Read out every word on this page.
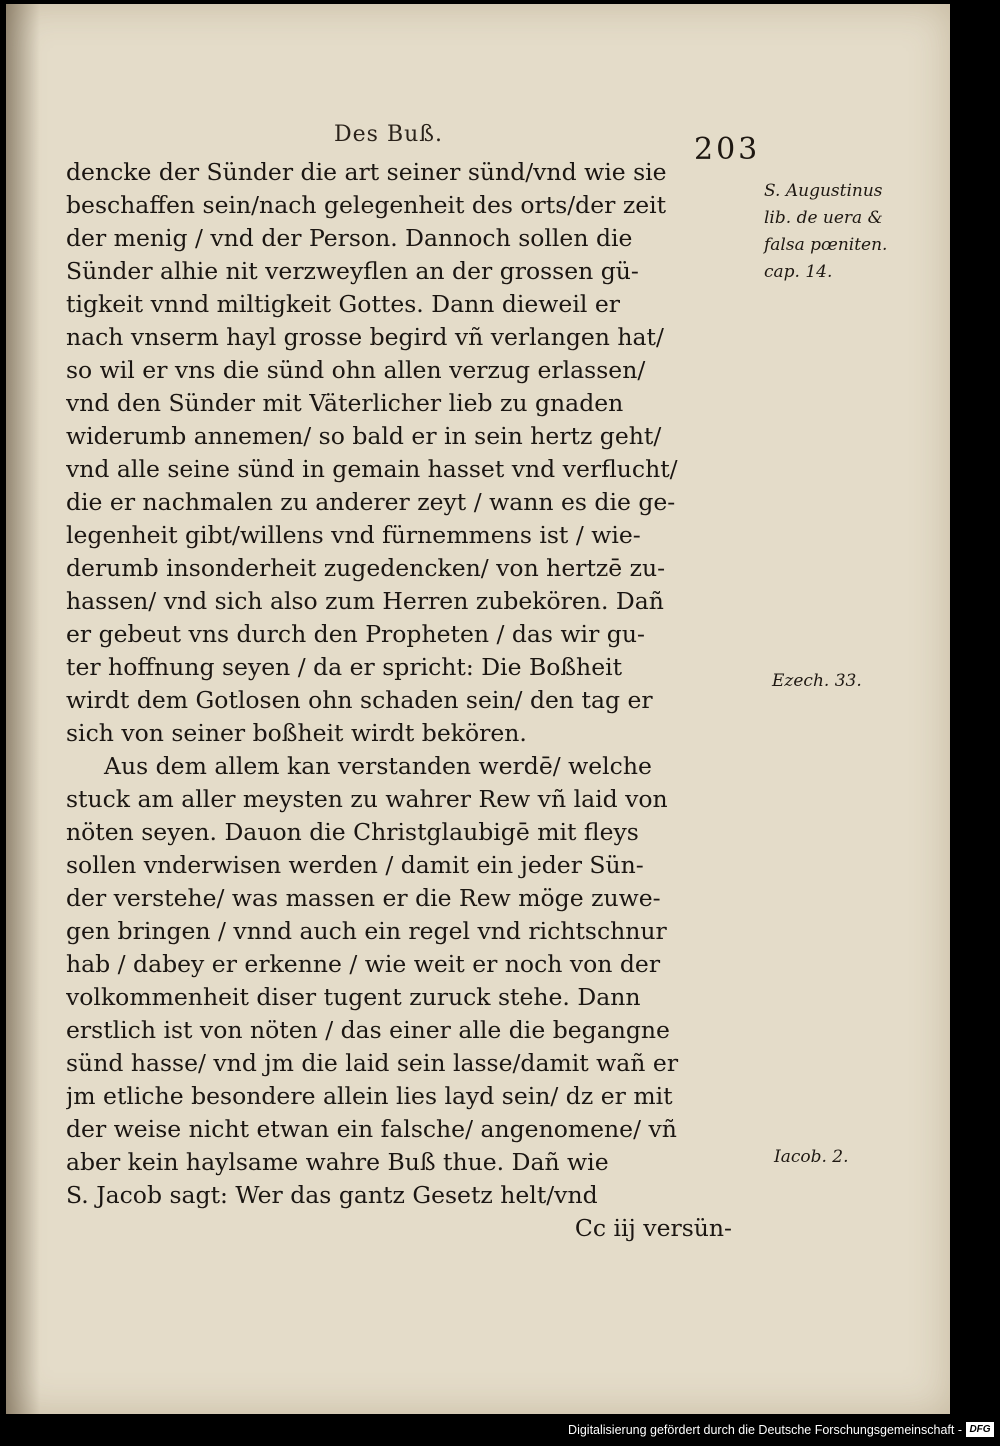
Des Buß.	203
dencke der Sünder die art seiner sünd/vnd wie sie
beschaffen sein/nach gelegenheit des orts/der zeit
der menig / vnd der Person. Dannoch sollen die
Sünder alhie nit verzweyflen an der grossen gü-
tigkeit vnnd miltigkeit Gottes. Dann dieweil er
nach vnserm hayl grosse begird vñ verlangen hat/
so wil er vns die sünd ohn allen verzug erlassen/
vnd den Sünder mit Väterlicher lieb zu gnaden
widerumb annemen/ so bald er in sein hertz geht/
vnd alle seine sünd in gemain hasset vnd verflucht/
die er nachmalen zu anderer zeyt / wann es die ge-
legenheit gibt/willens vnd fürnemmens ist / wie-
derumb insonderheit zugedencken/ von hertzē zu-
hassen/ vnd sich also zum Herren zubekören. Dañ
er gebeut vns durch den Propheten / das wir gu-
ter hoffnung seyen / da er spricht: Die Boßheit
wirdt dem Gotlosen ohn schaden sein/ den tag er
sich von seiner boßheit wirdt bekören.
Aus dem allem kan verstanden werdē/ welche
stuck am aller meysten zu wahrer Rew vñ laid von
nöten seyen. Dauon die Christglaubigē mit fleys
sollen vnderwisen werden / damit ein jeder Sün-
der verstehe/ was massen er die Rew möge zuwe-
gen bringen / vnnd auch ein regel vnd richtschnur
hab / dabey er erkenne / wie weit er noch von der
volkommenheit diser tugent zuruck stehe. Dann
erstlich ist von nöten / das einer alle die begangne
sünd hasse/ vnd jm die laid sein lasse/damit wañ er
jm etliche besondere allein lies layd sein/ dz er mit
der weise nicht etwan ein falsche/ angenomene/ vñ
aber kein haylsame wahre Buß thue. Dañ wie
S. Jacob sagt: Wer das gantz Gesetz helt/vnd
Cc iij versün-
S. Augustinus
lib. de uera &
falsa pœniten.
cap. 14.
Ezech. 33.
Iacob. 2.
Digitalisierung gefördert durch die Deutsche Forschungsgemeinschaft - DFG
